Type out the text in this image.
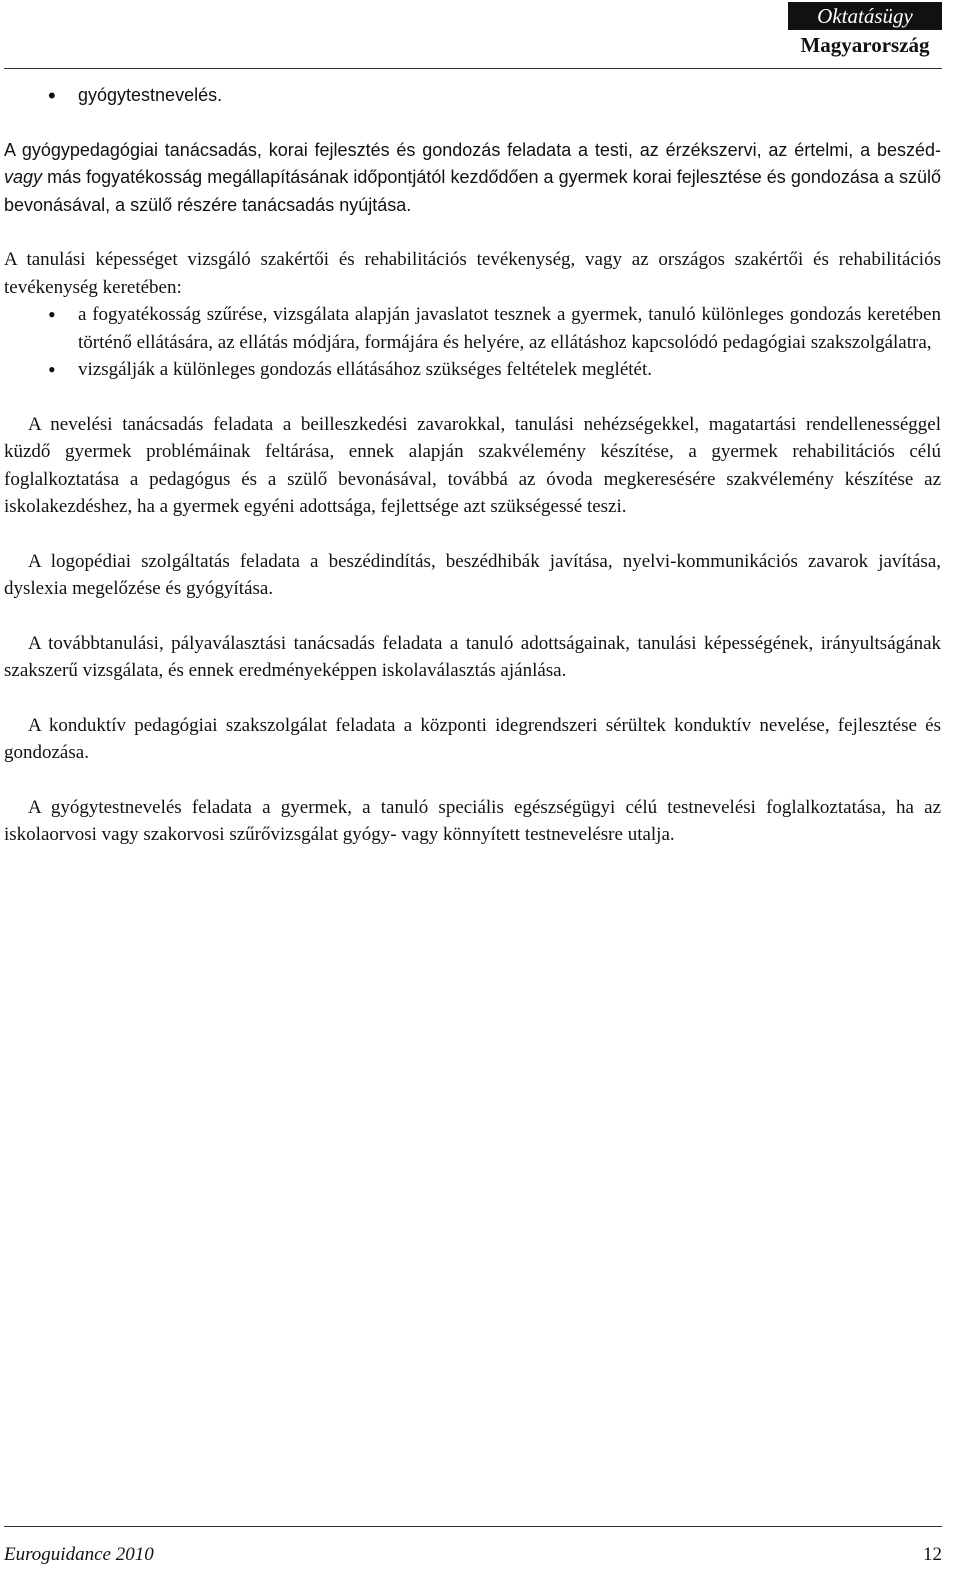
Oktatásügy
Magyarország
• gyógytestnevelés.

A gyógypedagógiai tanácsadás, korai fejlesztés és gondozás feladata a testi, az érzékszervi, az értelmi, a beszéd- vagy más fogyatékosság megállapításának időpontjától kezdődően a gyermek korai fejlesztése és gondozása a szülő bevonásával, a szülő részére tanácsadás nyújtása.

A tanulási képességet vizsgáló szakértői és rehabilitációs tevékenység, vagy az országos szakértői és rehabilitációs tevékenység keretében:

• a fogyatékosság szűrése, vizsgálata alapján javaslatot tesznek a gyermek, tanuló különleges gondozás keretében történő ellátására, az ellátás módjára, formájára és helyére, az ellátáshoz kapcsolódó pedagógiai szakszolgálatra,
• vizsgálják a különleges gondozás ellátásához szükséges feltételek meglétét.

A nevelési tanácsadás feladata a beilleszkedési zavarokkal, tanulási nehézségekkel, magatartási rendellenességgel küzdő gyermek problémáinak feltárása, ennek alapján szakvélemény készítése, a gyermek rehabilitációs célú foglalkoztatása a pedagógus és a szülő bevonásával, továbbá az óvoda megkeresésére szakvélemény készítése az iskolakezdéshez, ha a gyermek egyéni adottsága, fejlettsége azt szükségessé teszi.

A logopédiai szolgáltatás feladata a beszédindítás, beszédhibák javítása, nyelvi-kommunikációs zavarok javítása, dyslexia megelőzése és gyógyítása.

A továbbtanulási, pályaválasztási tanácsadás feladata a tanuló adottságainak, tanulási képességének, irányultságának szakszerű vizsgálata, és ennek eredményeképpen iskolaválasztás ajánlása.

A konduktív pedagógiai szakszolgálat feladata a központi idegrendszeri sérültek konduktív nevelése, fejlesztése és gondozása.

A gyógytestnevelés feladata a gyermek, a tanuló speciális egészségügyi célú testnevelési foglalkoztatása, ha az iskolaorvosi vagy szakorvosi szűrővizsgálat gyógy- vagy könnyített testnevelésre utalja.

Euroguidance 2010	12
